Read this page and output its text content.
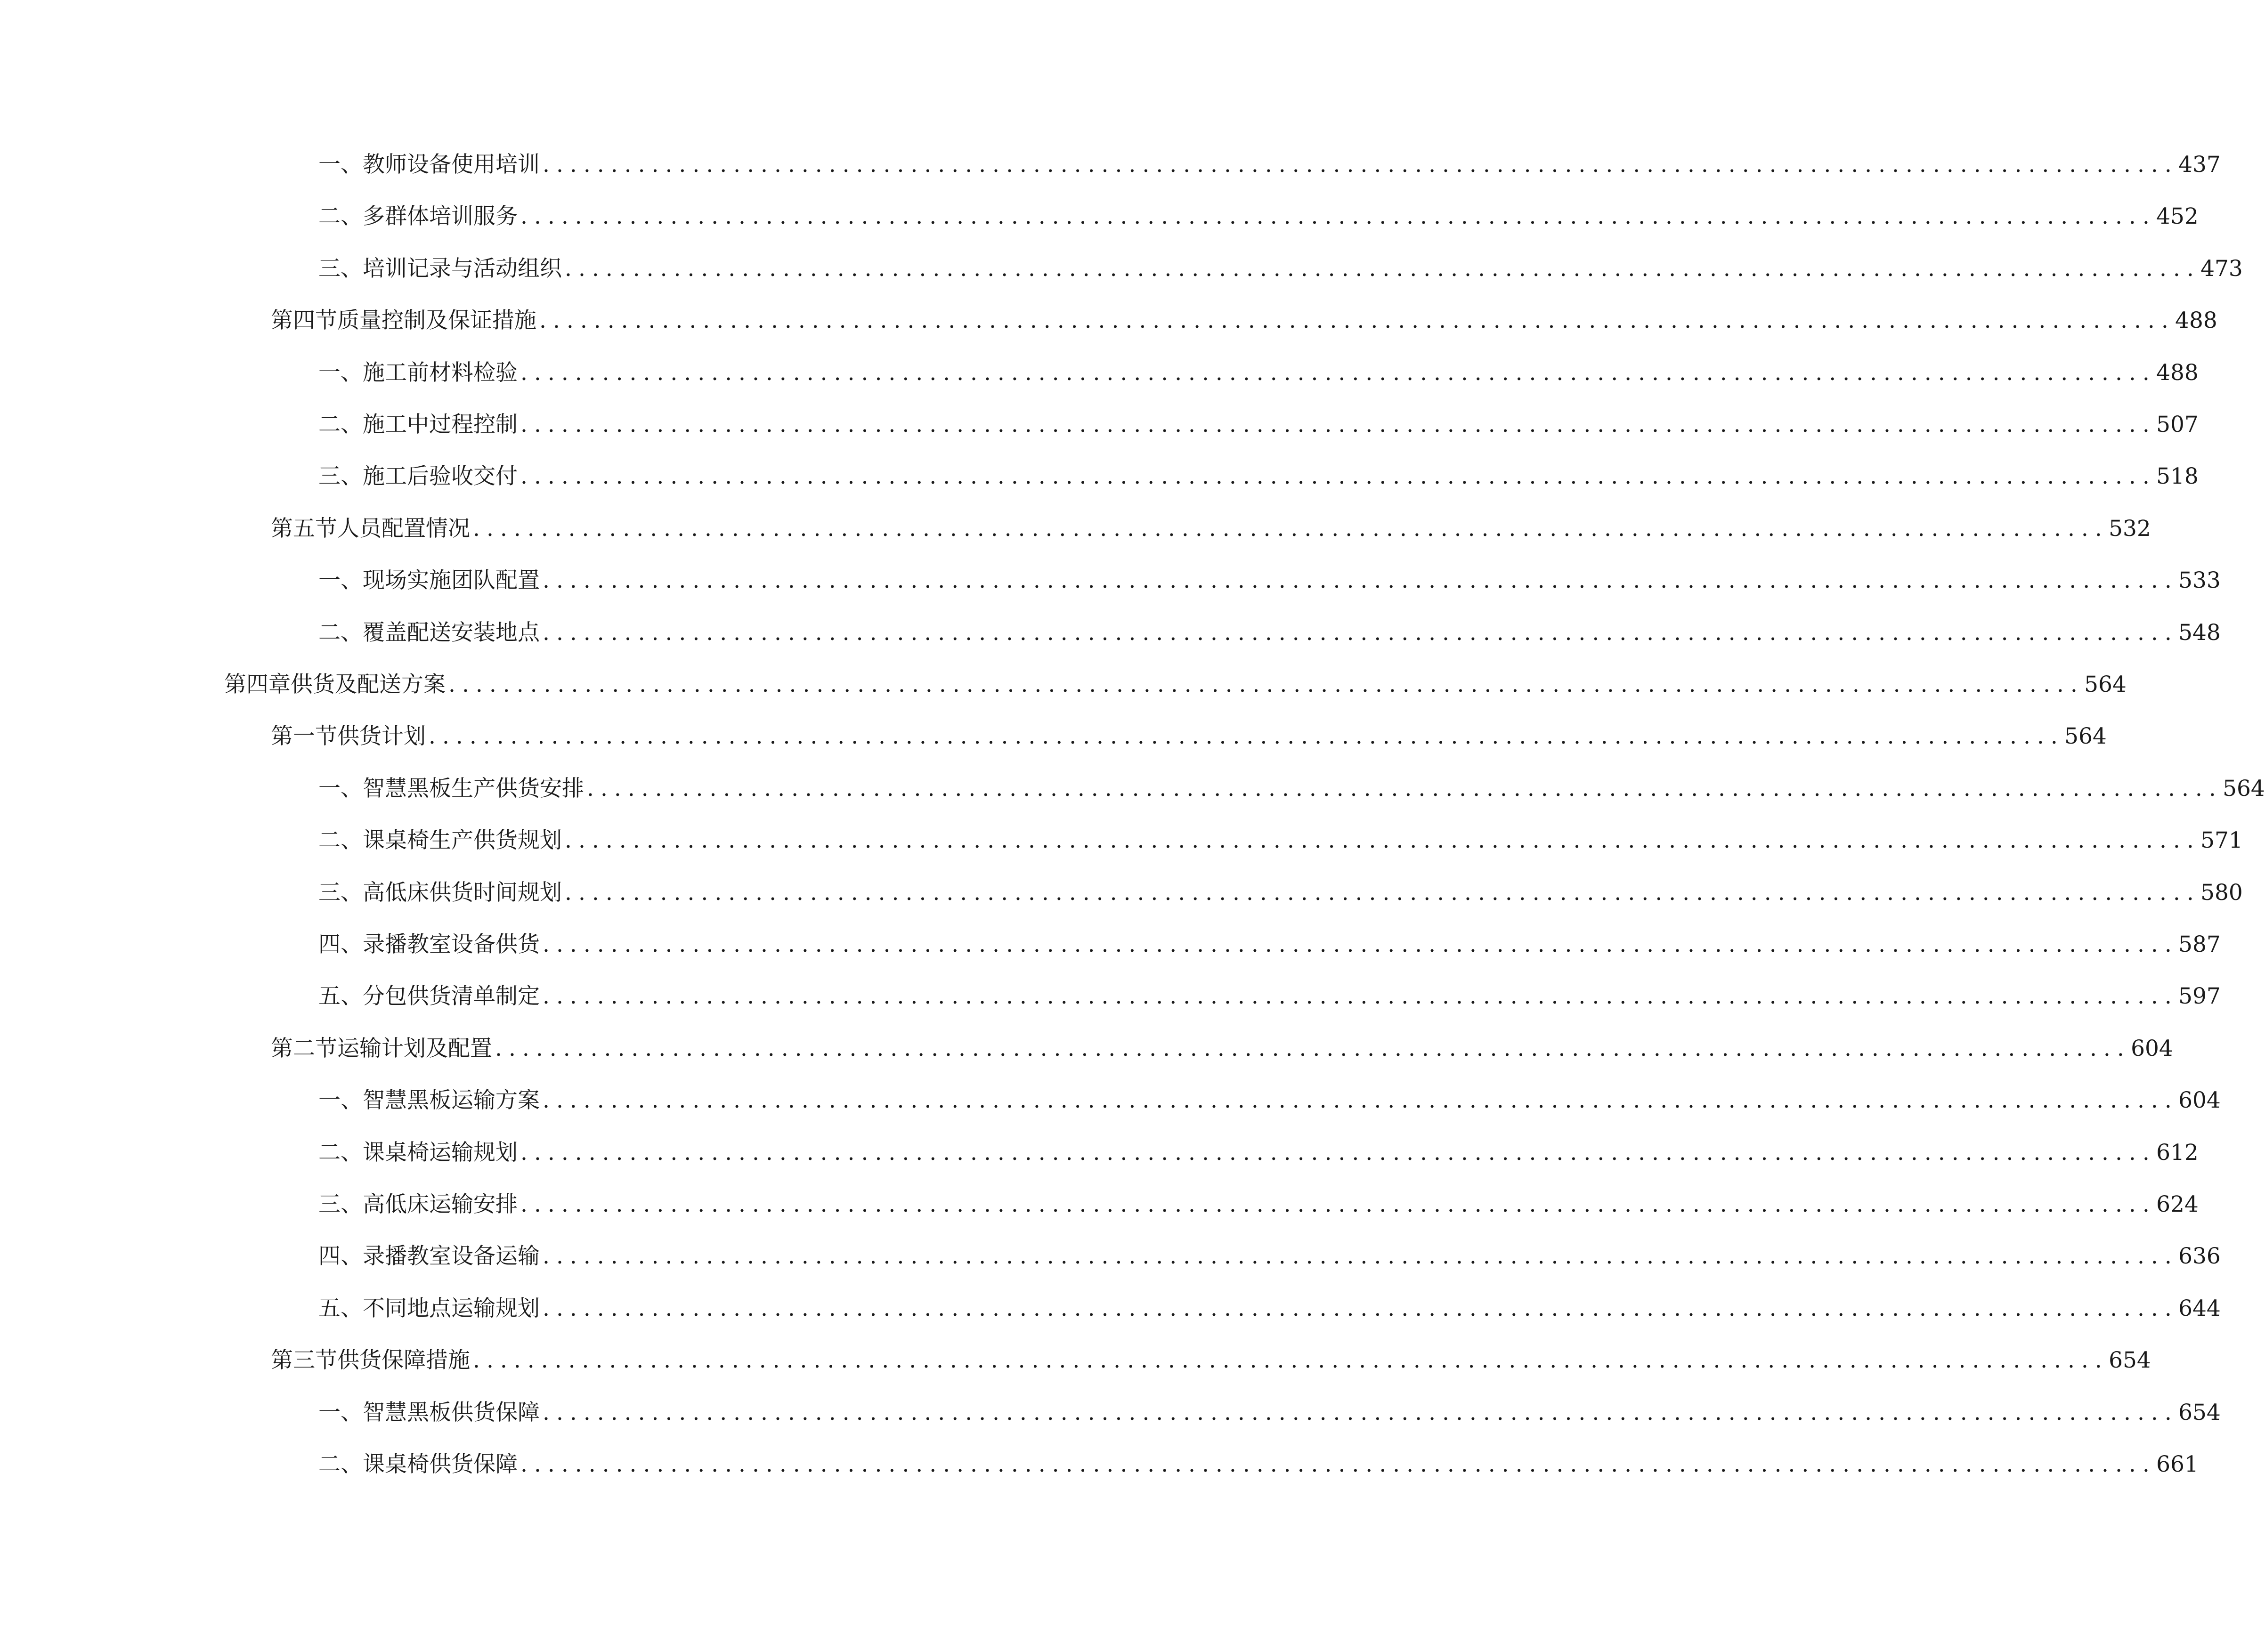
一、 教师设备使用培训 ........................................................................................................................ 437
二、 多群体培训服务 ........................................................................................................................ 452
三、 培训记录与活动组织 ........................................................................................................................ 473
第四节 质量控制及保证措施 ........................................................................................................................ 488
一、 施工前材料检验 ........................................................................................................................ 488
二、 施工中过程控制 ........................................................................................................................ 507
三、 施工后验收交付 ........................................................................................................................ 518
第五节 人员配置情况 ........................................................................................................................ 532
一、 现场实施团队配置 ........................................................................................................................ 533
二、 覆盖配送安装地点 ........................................................................................................................ 548
第四章 供货及配送方案 ........................................................................................................................ 564
第一节 供货计划 ........................................................................................................................ 564
一、 智慧黑板生产供货安排 ........................................................................................................................ 564
二、 课桌椅生产供货规划 ........................................................................................................................ 571
三、 高低床供货时间规划 ........................................................................................................................ 580
四、 录播教室设备供货 ........................................................................................................................ 587
五、 分包供货清单制定 ........................................................................................................................ 597
第二节 运输计划及配置 ........................................................................................................................ 604
一、 智慧黑板运输方案 ........................................................................................................................ 604
二、 课桌椅运输规划 ........................................................................................................................ 612
三、 高低床运输安排 ........................................................................................................................ 624
四、 录播教室设备运输 ........................................................................................................................ 636
五、 不同地点运输规划 ........................................................................................................................ 644
第三节 供货保障措施 ........................................................................................................................ 654
一、 智慧黑板供货保障 ........................................................................................................................ 654
二、 课桌椅供货保障 ........................................................................................................................ 661
